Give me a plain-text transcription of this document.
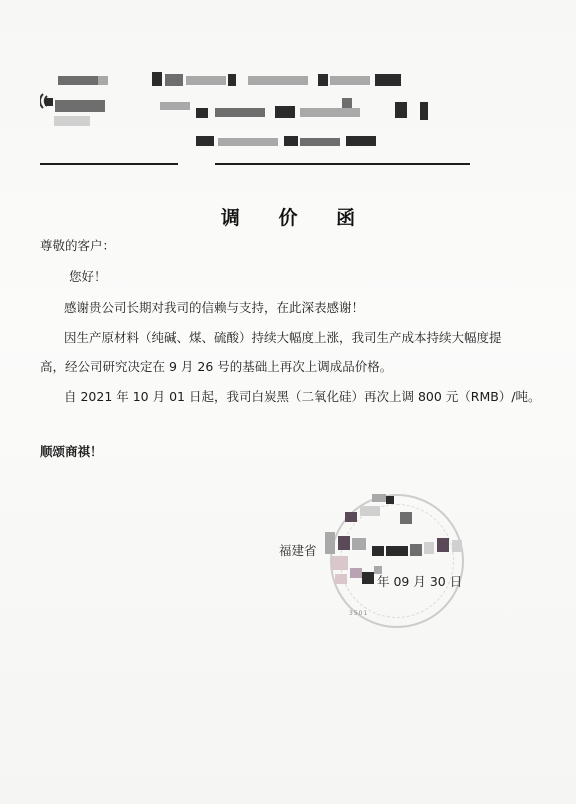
调 价 函
尊敬的客户：
您好！
感谢贵公司长期对我司的信赖与支持，在此深表感谢！
因生产原材料（纯碱、煤、硫酸）持续大幅度上涨，我司生产成本持续大幅度提
高，经公司研究决定在 9 月 26 号的基础上再次上调成品价格。
自 2021 年 10 月 01 日起，我司白炭黑（二氧化硅）再次上调 800 元（RMB）/吨。
顺颂商祺！
福建省
年 09 月 30 日
3501
